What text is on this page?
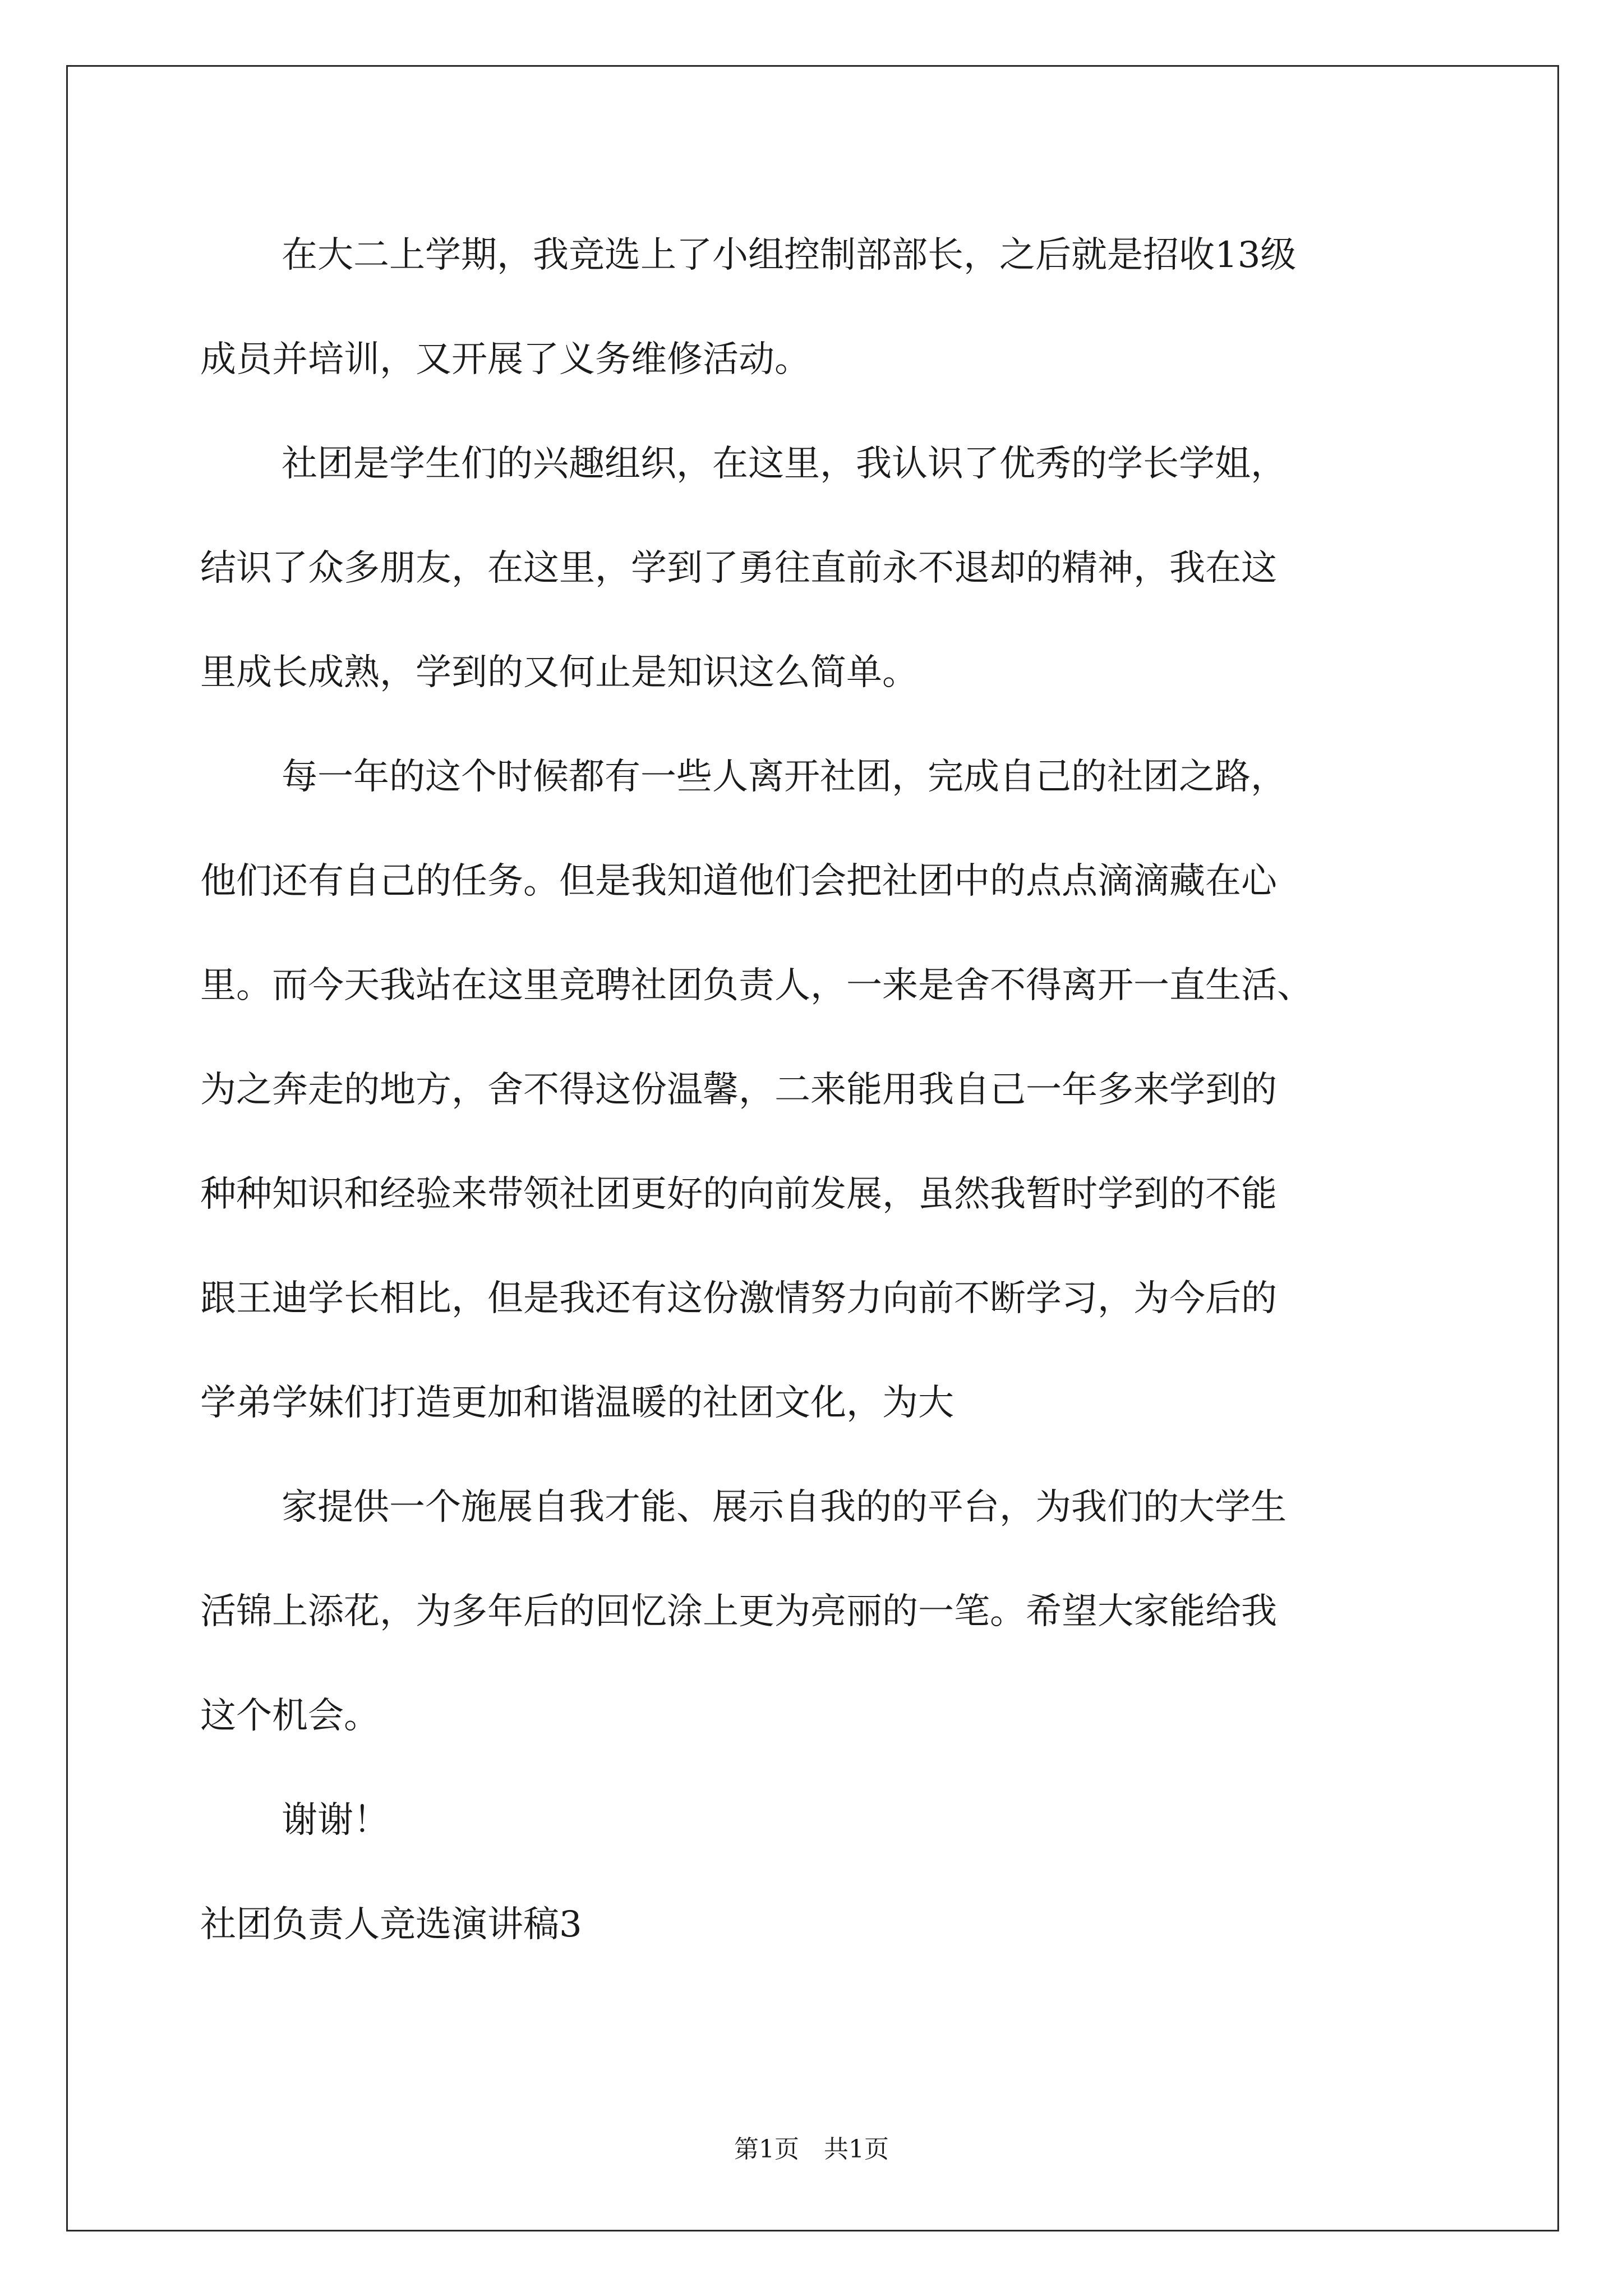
在大二上学期，我竞选上了小组控制部部长，之后就是招收13级

成员并培训，又开展了义务维修活动。

社团是学生们的兴趣组织，在这里，我认识了优秀的学长学姐，

结识了众多朋友，在这里，学到了勇往直前永不退却的精神，我在这

里成长成熟，学到的又何止是知识这么简单。

每一年的这个时候都有一些人离开社团，完成自己的社团之路，

他们还有自己的任务。但是我知道他们会把社团中的点点滴滴藏在心

里。而今天我站在这里竞聘社团负责人，一来是舍不得离开一直生活、

为之奔走的地方，舍不得这份温馨，二来能用我自己一年多来学到的

种种知识和经验来带领社团更好的向前发展，虽然我暂时学到的不能

跟王迪学长相比，但是我还有这份激情努力向前不断学习，为今后的

学弟学妹们打造更加和谐温暖的社团文化，为大

家提供一个施展自我才能、展示自我的的平台，为我们的大学生

活锦上添花，为多年后的回忆涂上更为亮丽的一笔。希望大家能给我

这个机会。

谢谢！

社团负责人竞选演讲稿3

第1页 共1页
